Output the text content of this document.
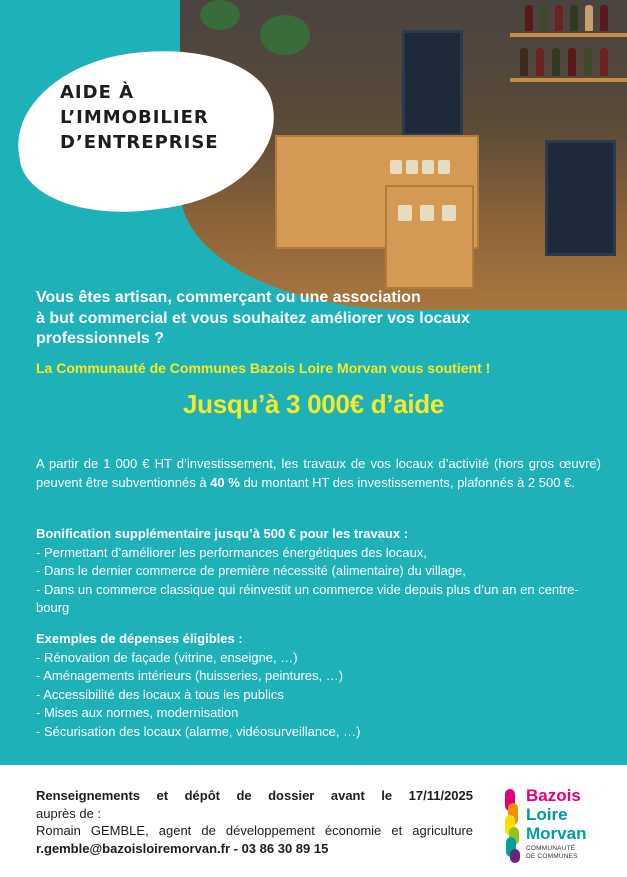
AIDE À
L’IMMOBILIER
D’ENTREPRISE

Vous êtes artisan, commerçant ou une association
à but commercial et vous souhaitez améliorer vos locaux
professionnels ?

La Communauté de Communes Bazois Loire Morvan vous soutient !

Jusqu’à 3 000€ d’aide

A partir de 1 000 € HT d’investissement, les travaux de vos locaux d’activité (hors gros œuvre) peuvent être subventionnés à 40 % du montant HT des investissements, plafonnés à 2 500 €.

Bonification supplémentaire jusqu’à 500 € pour les travaux :
- Permettant d’améliorer les performances énergétiques des locaux,
- Dans le dernier commerce de première nécessité (alimentaire) du village,
- Dans un commerce classique qui réinvestit un commerce vide depuis plus d’un an en centre-bourg
Exemples de dépenses éligibles :
- Rénovation de façade (vitrine, enseigne, …)
- Aménagements intérieurs (huisseries, peintures, …)
- Accessibilité des locaux à tous les publics
- Mises aux normes, modernisation
- Sécurisation des locaux (alarme, vidéosurveillance, …)
Renseignements et dépôt de dossier avant le 17/11/2025
auprès de :
Romain GEMBLE, agent de développement économie et agriculture
r.gemble@bazoisloiremorvan.fr - 03 86 30 89 15
Bazois
Loire
Morvan
COMMUNAUTÉ
DE COMMUNES
